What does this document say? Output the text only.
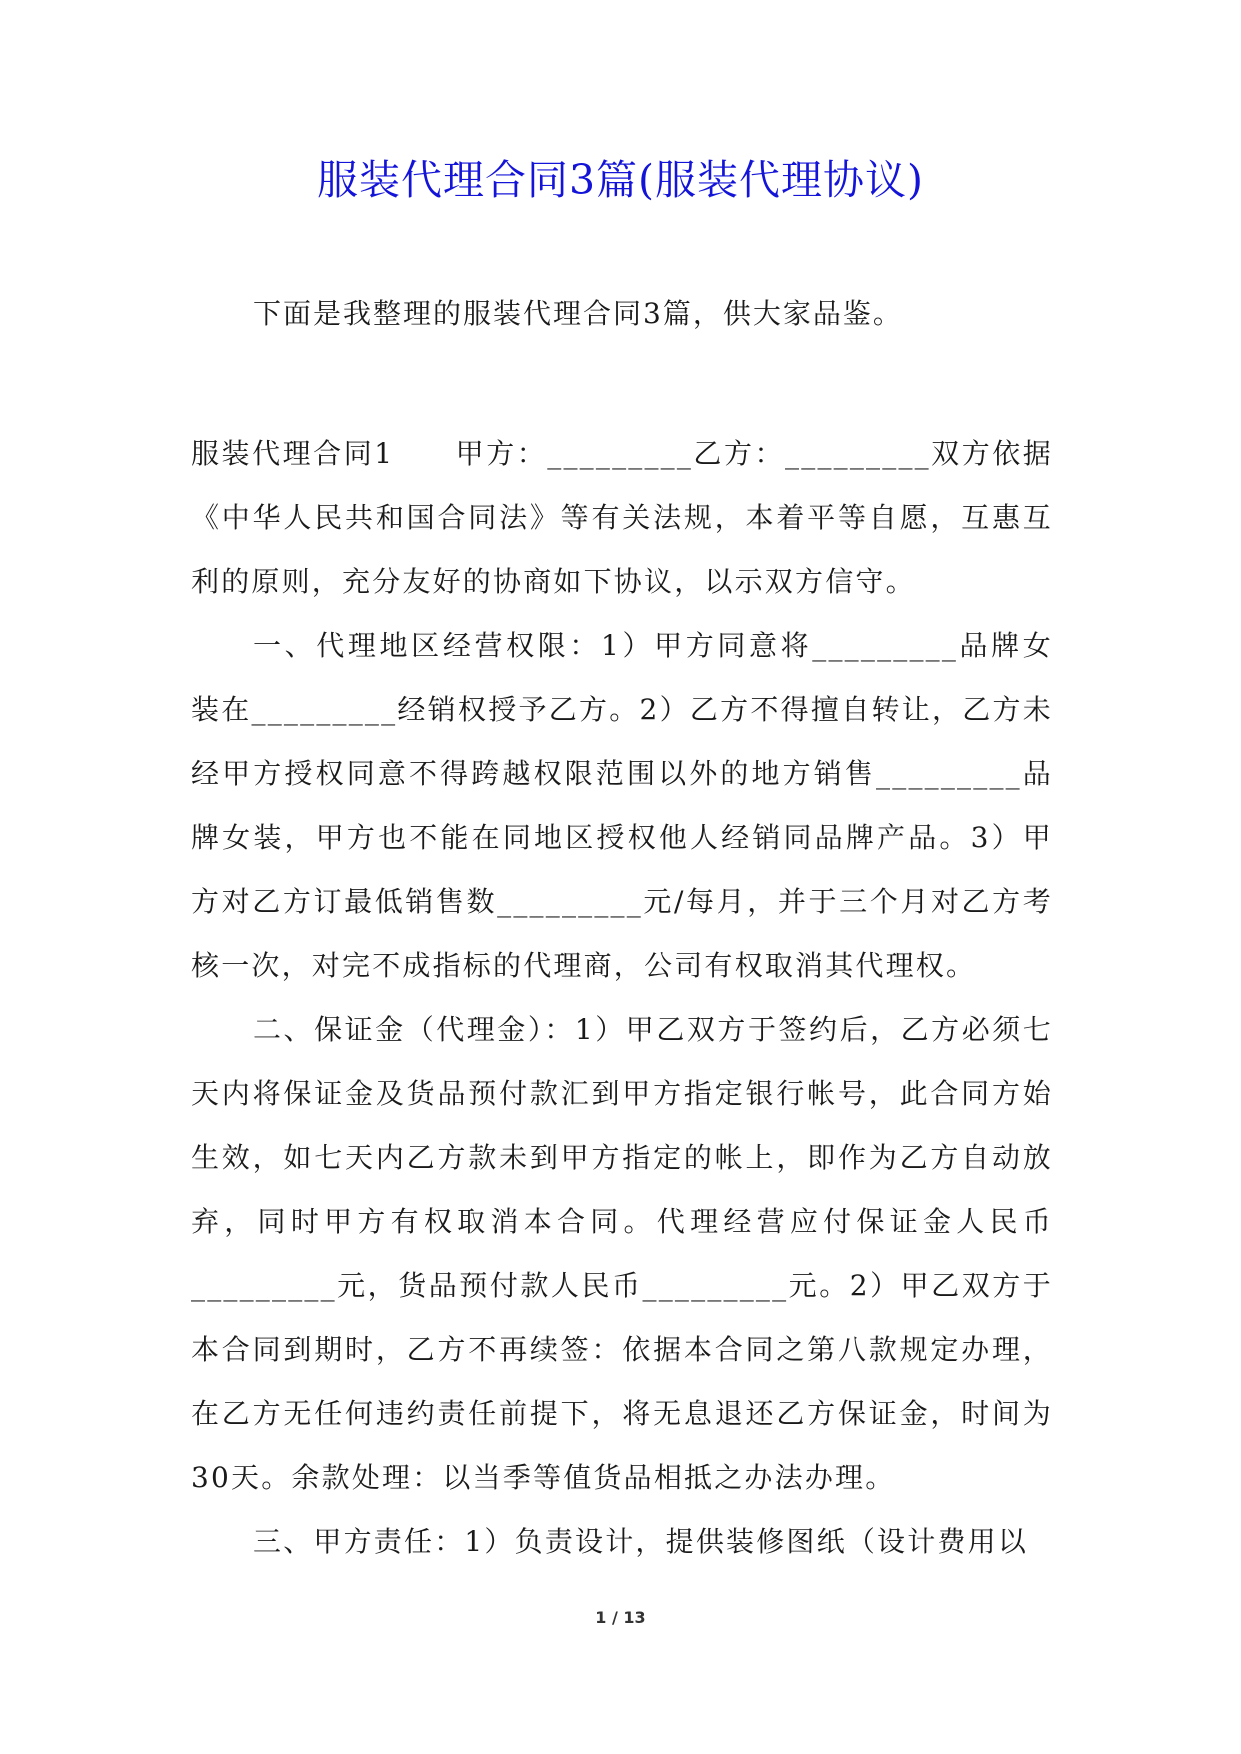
服装代理合同3篇(服装代理协议)

下面是我整理的服装代理合同3篇，供大家品鉴。

服装代理合同1　　甲方：_________乙方：_________双方依据《中华人民共和国合同法》等有关法规，本着平等自愿，互惠互利的原则，充分友好的协商如下协议，以示双方信守。

一、代理地区经营权限：1）甲方同意将_________品牌女装在_________经销权授予乙方。2）乙方不得擅自转让，乙方未经甲方授权同意不得跨越权限范围以外的地方销售_________品牌女装，甲方也不能在同地区授权他人经销同品牌产品。3）甲方对乙方订最低销售数_________元/每月，并于三个月对乙方考核一次，对完不成指标的代理商，公司有权取消其代理权。

二、保证金（代理金）：1）甲乙双方于签约后，乙方必须七天内将保证金及货品预付款汇到甲方指定银行帐号，此合同方始生效，如七天内乙方款未到甲方指定的帐上，即作为乙方自动放弃，同时甲方有权取消本合同。代理经营应付保证金人民币_________元，货品预付款人民币_________元。2）甲乙双方于本合同到期时，乙方不再续签：依据本合同之第八款规定办理，在乙方无任何违约责任前提下，将无息退还乙方保证金，时间为30天。余款处理：以当季等值货品相抵之办法办理。

三、甲方责任：1）负责设计，提供装修图纸（设计费用以

1 / 13
